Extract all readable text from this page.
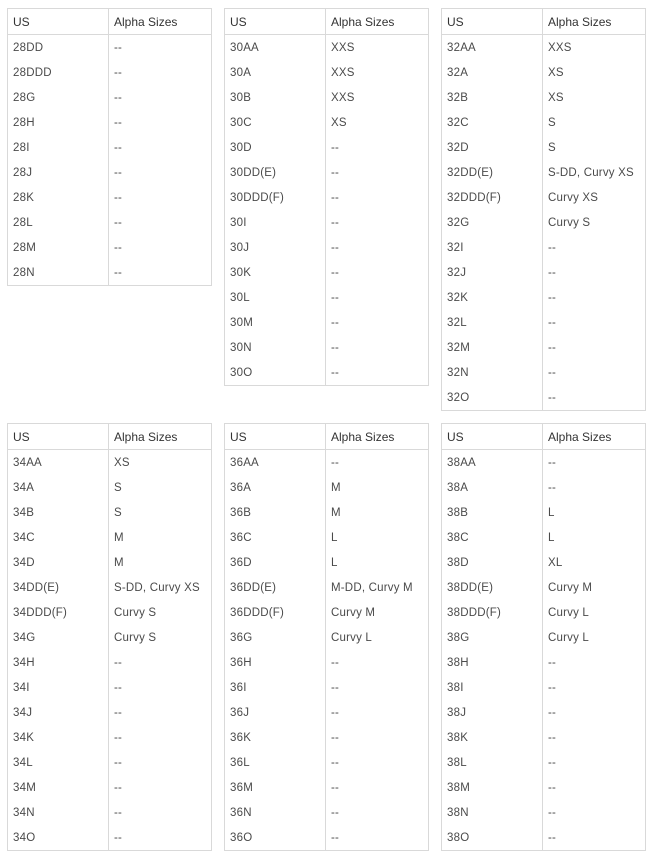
US	Alpha Sizes
28DD	--
28DDD	--
28G	--
28H	--
28I	--
28J	--
28K	--
28L	--
28M	--
28N	--
US	Alpha Sizes
30AA	XXS
30A	XXS
30B	XXS
30C	XS
30D	--
30DD(E)	--
30DDD(F)	--
30I	--
30J	--
30K	--
30L	--
30M	--
30N	--
30O	--
US	Alpha Sizes
32AA	XXS
32A	XS
32B	XS
32C	S
32D	S
32DD(E)	S-DD, Curvy XS
32DDD(F)	Curvy XS
32G	Curvy S
32I	--
32J	--
32K	--
32L	--
32M	--
32N	--
32O	--
US	Alpha Sizes
34AA	XS
34A	S
34B	S
34C	M
34D	M
34DD(E)	S-DD, Curvy XS
34DDD(F)	Curvy S
34G	Curvy S
34H	--
34I	--
34J	--
34K	--
34L	--
34M	--
34N	--
34O	--
US	Alpha Sizes
36AA	--
36A	M
36B	M
36C	L
36D	L
36DD(E)	M-DD, Curvy M
36DDD(F)	Curvy M
36G	Curvy L
36H	--
36I	--
36J	--
36K	--
36L	--
36M	--
36N	--
36O	--
US	Alpha Sizes
38AA	--
38A	--
38B	L
38C	L
38D	XL
38DD(E)	Curvy M
38DDD(F)	Curvy L
38G	Curvy L
38H	--
38I	--
38J	--
38K	--
38L	--
38M	--
38N	--
38O	--
